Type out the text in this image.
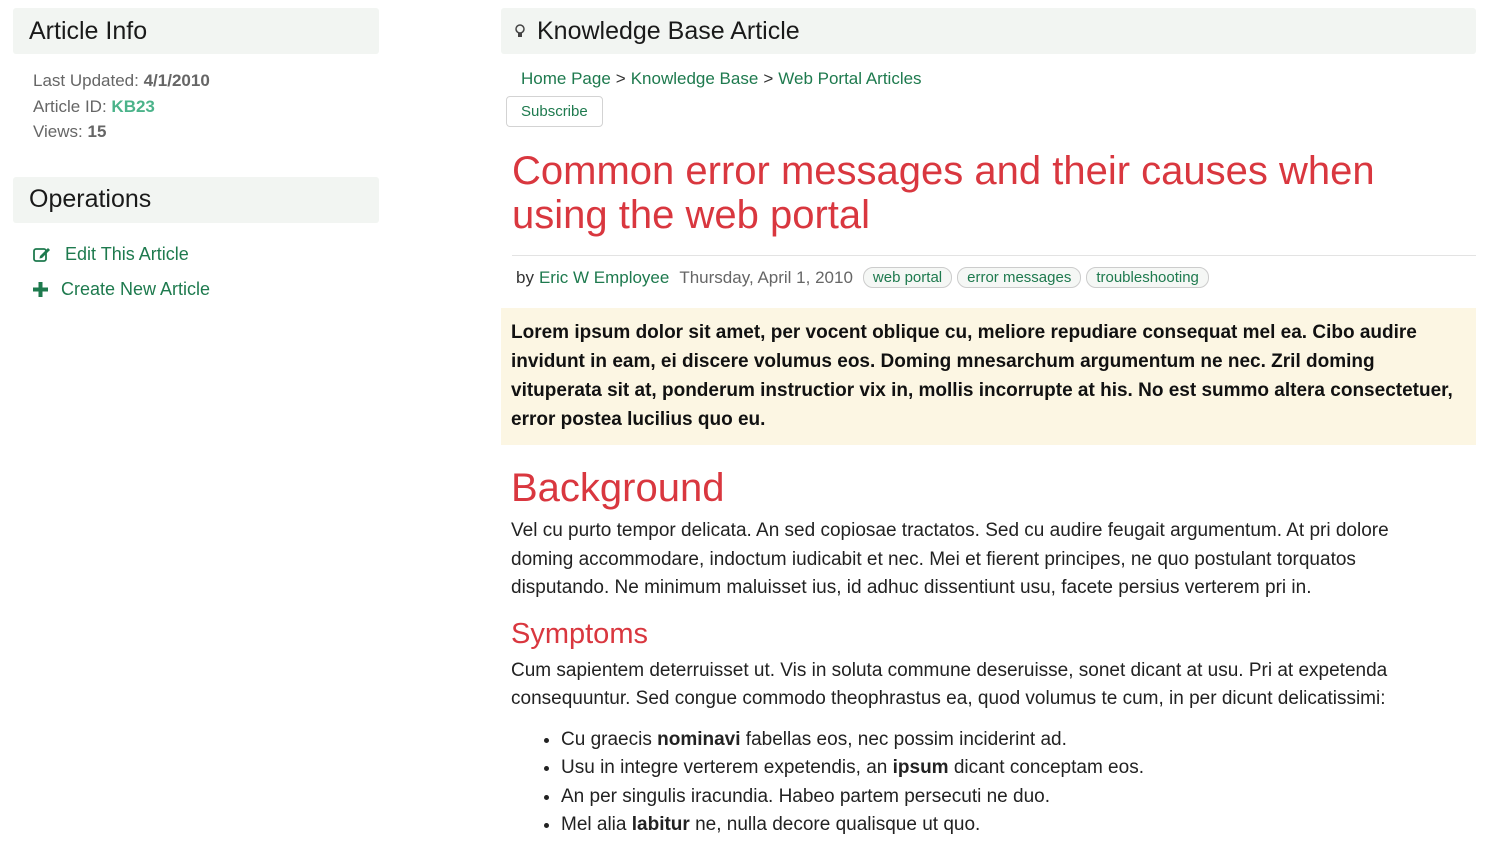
Article Info
Last Updated: 4/1/2010
Article ID: KB23
Views: 15
Operations
Edit This Article
Create New Article
Knowledge Base Article
Home Page > Knowledge Base > Web Portal Articles
Subscribe
Common error messages and their causes when using the web portal
by Eric W Employee Thursday, April 1, 2010	web portal	error messages	troubleshooting
Lorem ipsum dolor sit amet, per vocent oblique cu, meliore repudiare consequat mel ea. Cibo audire invidunt in eam, ei discere volumus eos. Doming mnesarchum argumentum ne nec. Zril doming vituperata sit at, ponderum instructior vix in, mollis incorrupte at his. No est summo altera consectetuer, error postea lucilius quo eu.
Background

Vel cu purto tempor delicata. An sed copiosae tractatos. Sed cu audire feugait argumentum. At pri dolore doming accommodare, indoctum iudicabit et nec. Mei et fierent principes, ne quo postulant torquatos disputando. Ne minimum maluisset ius, id adhuc dissentiunt usu, facete persius verterem pri in.

Symptoms

Cum sapientem deterruisset ut. Vis in soluta commune deseruisse, sonet dicant at usu. Pri at expetenda consequuntur. Sed congue commodo theophrastus ea, quod volumus te cum, in per dicunt delicatissimi:

• Cu graecis nominavi fabellas eos, nec possim inciderint ad.
• Usu in integre verterem expetendis, an ipsum dicant conceptam eos.
• An per singulis iracundia. Habeo partem persecuti ne duo.
• Mel alia labitur ne, nulla decore qualisque ut quo.
